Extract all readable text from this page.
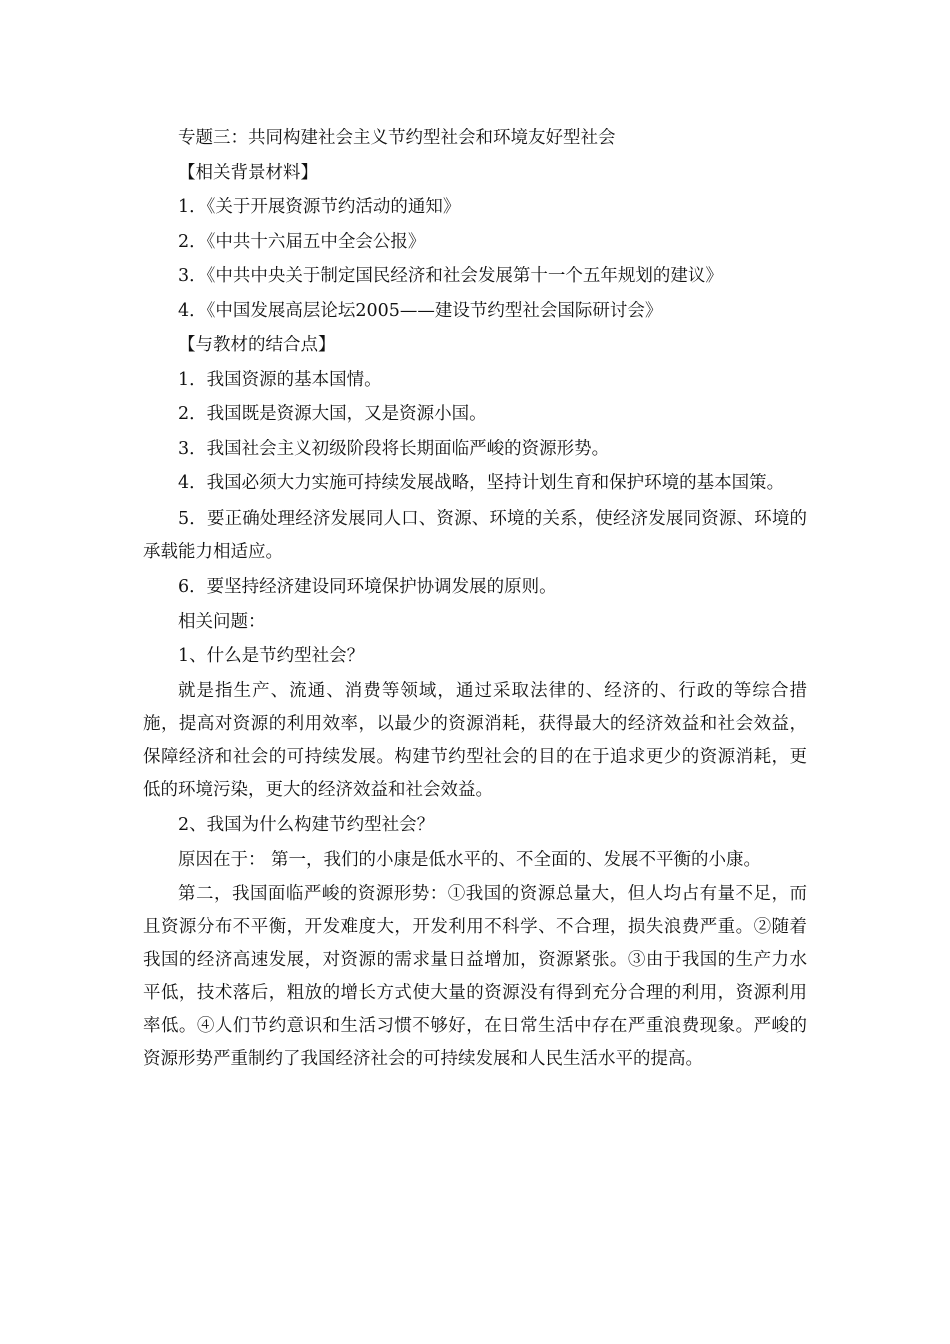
专题三：共同构建社会主义节约型社会和环境友好型社会

【相关背景材料】

1．《关于开展资源节约活动的通知》

2．《中共十六届五中全会公报》

3．《中共中央关于制定国民经济和社会发展第十一个五年规划的建议》

4．《中国发展高层论坛2005——建设节约型社会国际研讨会》

【与教材的结合点】

1．我国资源的基本国情。

2．我国既是资源大国，又是资源小国。

3．我国社会主义初级阶段将长期面临严峻的资源形势。

4．我国必须大力实施可持续发展战略，坚持计划生育和保护环境的基本国策。

5．要正确处理经济发展同人口、资源、环境的关系，使经济发展同资源、环境的承载能力相适应。

6．要坚持经济建设同环境保护协调发展的原则。

相关问题：

1、什么是节约型社会？

就是指生产、流通、消费等领域，通过采取法律的、经济的、行政的等综合措施，提高对资源的利用效率，以最少的资源消耗，获得最大的经济效益和社会效益，保障经济和社会的可持续发展。构建节约型社会的目的在于追求更少的资源消耗，更低的环境污染，更大的经济效益和社会效益。

2、我国为什么构建节约型社会？

原因在于： 第一，我们的小康是低水平的、不全面的、发展不平衡的小康。

第二，我国面临严峻的资源形势：①我国的资源总量大，但人均占有量不足，而且资源分布不平衡，开发难度大，开发利用不科学、不合理，损失浪费严重。②随着我国的经济高速发展，对资源的需求量日益增加，资源紧张。③由于我国的生产力水平低，技术落后，粗放的增长方式使大量的资源没有得到充分合理的利用，资源利用率低。④人们节约意识和生活习惯不够好，在日常生活中存在严重浪费现象。严峻的资源形势严重制约了我国经济社会的可持续发展和人民生活水平的提高。
